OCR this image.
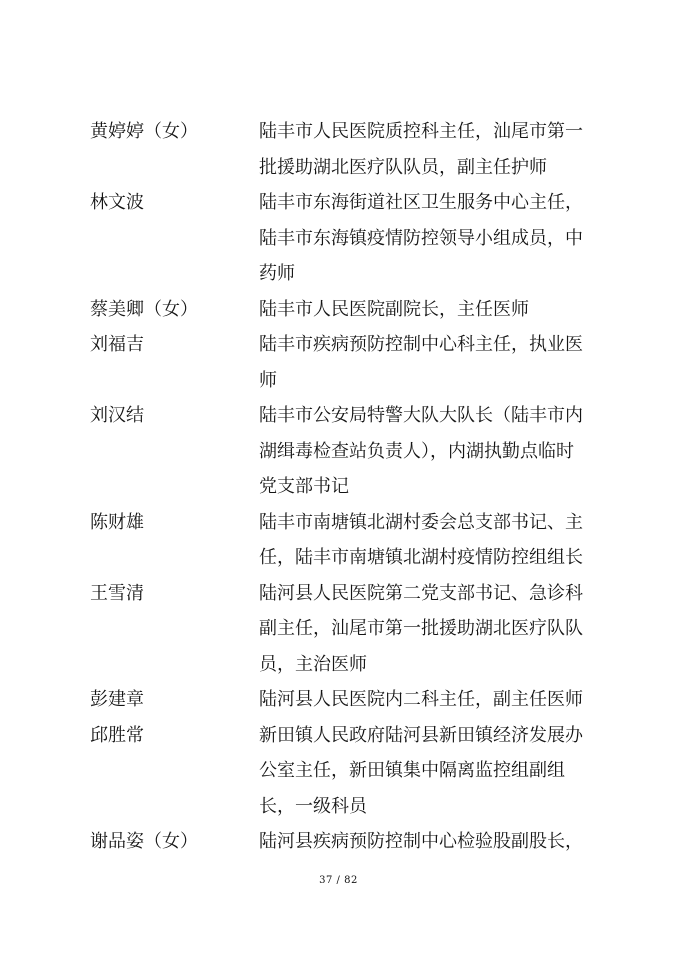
黄婷婷（女）	陆丰市人民医院质控科主任，汕尾市第一
批援助湖北医疗队队员，副主任护师
林文波	陆丰市东海街道社区卫生服务中心主任，
陆丰市东海镇疫情防控领导小组成员，中
药师
蔡美卿（女）	陆丰市人民医院副院长，主任医师
刘福吉	陆丰市疾病预防控制中心科主任，执业医
师
刘汉结	陆丰市公安局特警大队大队长（陆丰市内
湖缉毒检查站负责人），内湖执勤点临时
党支部书记
陈财雄	陆丰市南塘镇北湖村委会总支部书记、主
任，陆丰市南塘镇北湖村疫情防控组组长
王雪清	陆河县人民医院第二党支部书记、急诊科
副主任，汕尾市第一批援助湖北医疗队队
员，主治医师
彭建章	陆河县人民医院内二科主任，副主任医师
邱胜常	新田镇人民政府陆河县新田镇经济发展办
公室主任，新田镇集中隔离监控组副组
长，一级科员
谢品姿（女）	陆河县疾病预防控制中心检验股副股长，
37 / 82
